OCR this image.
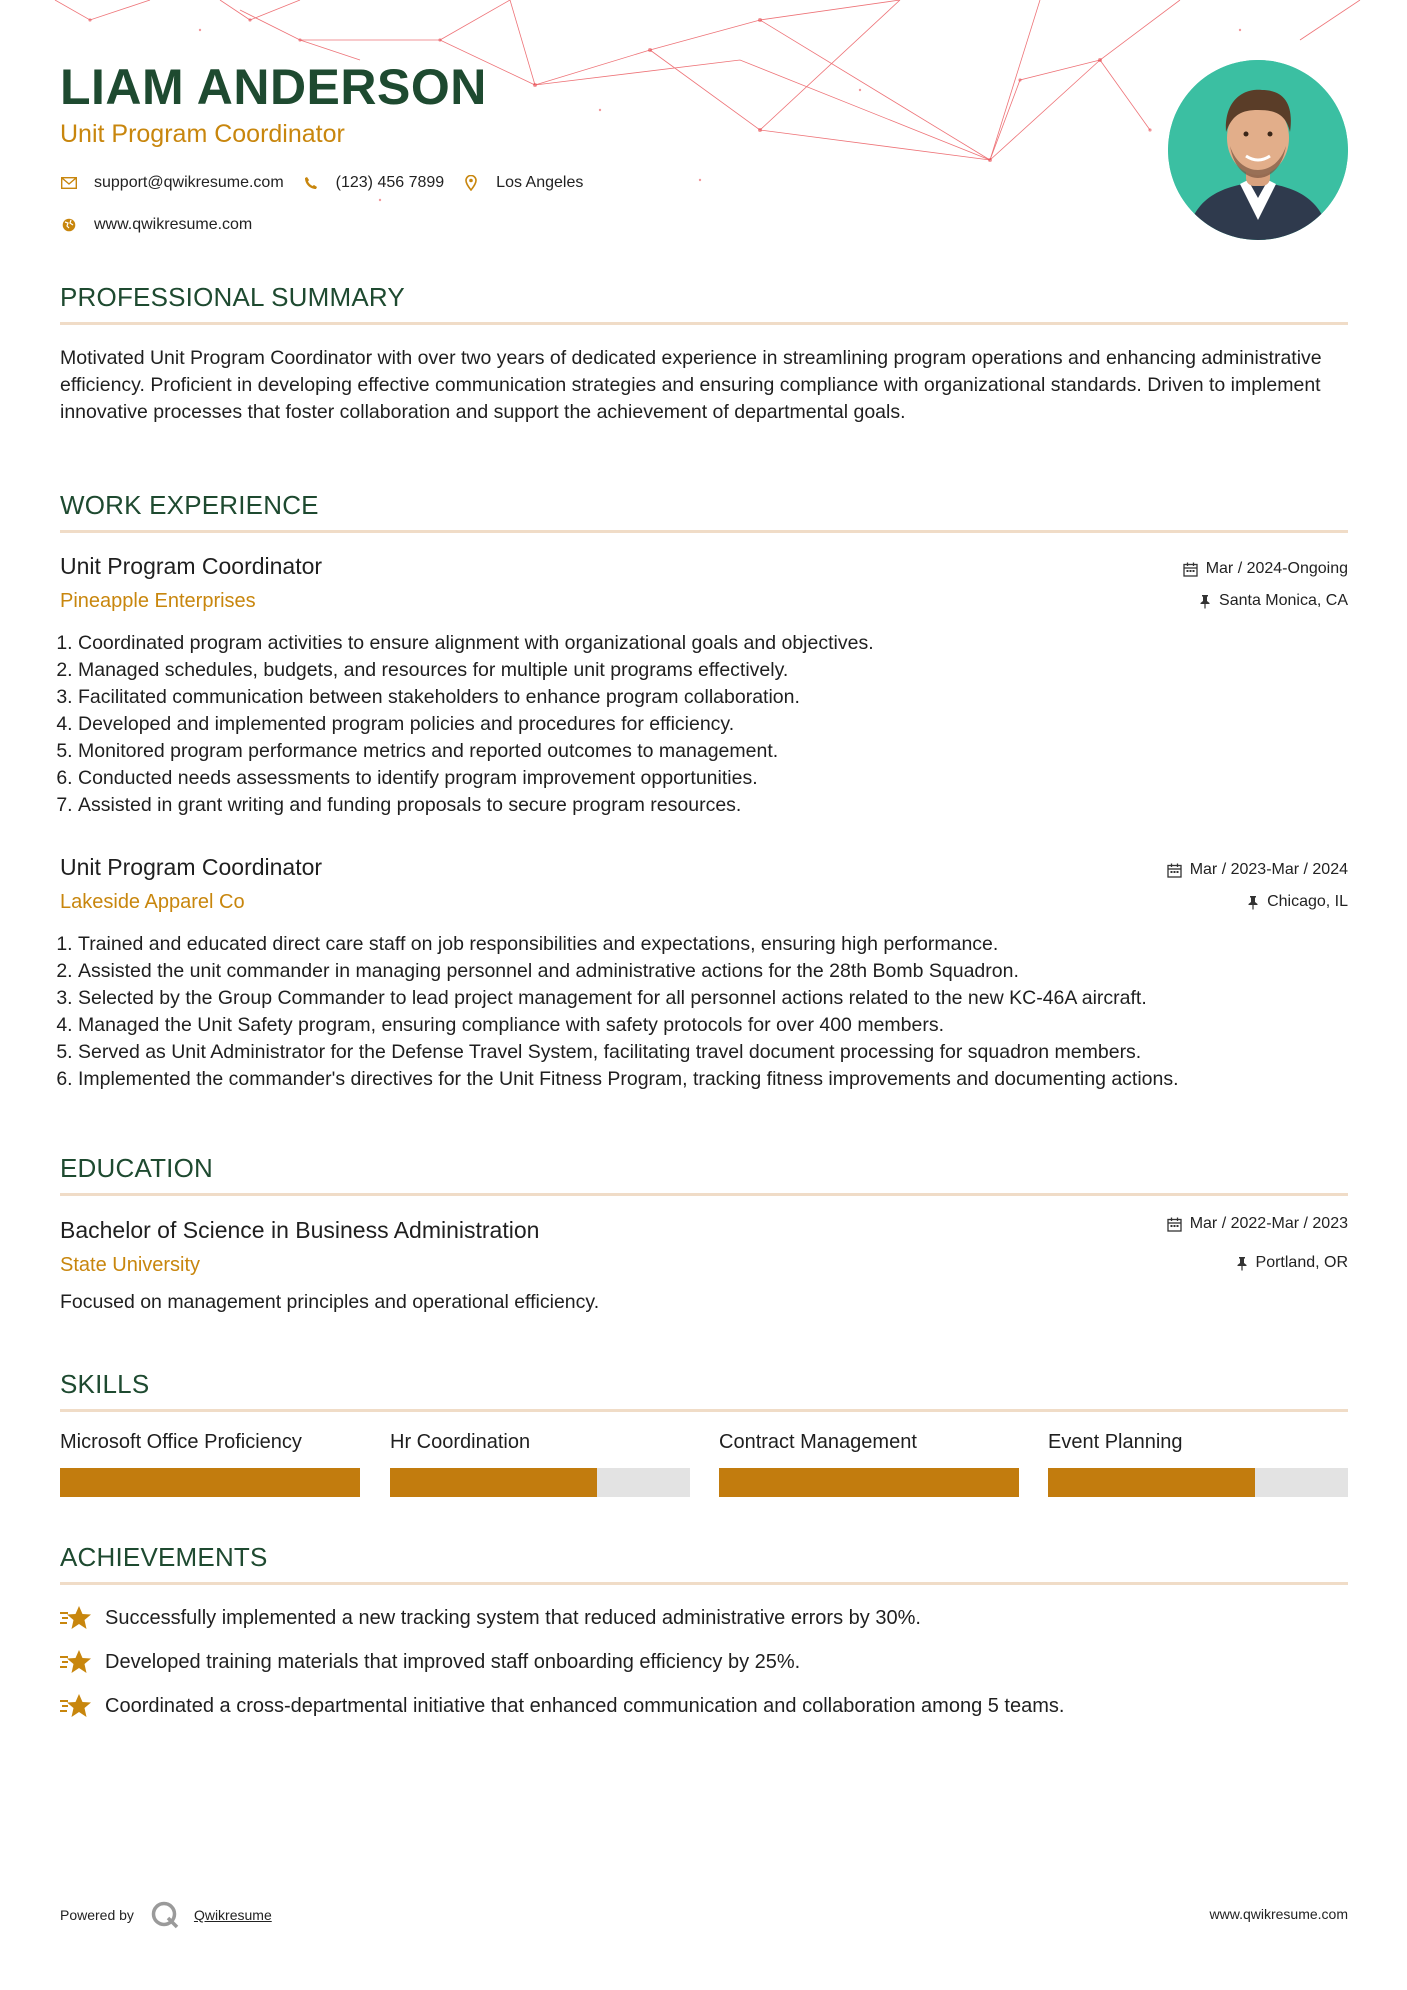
LIAM ANDERSON
Unit Program Coordinator
support@qwikresume.com	(123) 456 7899	Los Angeles
www.qwikresume.com
PROFESSIONAL SUMMARY

Motivated Unit Program Coordinator with over two years of dedicated experience in streamlining program operations and enhancing administrative efficiency. Proficient in developing effective communication strategies and ensuring compliance with organizational standards. Driven to implement innovative processes that foster collaboration and support the achievement of departmental goals.

WORK EXPERIENCE
Unit Program Coordinator
Pineapple Enterprises
Mar / 2024-Ongoing
Santa Monica, CA
1. Coordinated program activities to ensure alignment with organizational goals and objectives.
2. Managed schedules, budgets, and resources for multiple unit programs effectively.
3. Facilitated communication between stakeholders to enhance program collaboration.
4. Developed and implemented program policies and procedures for efficiency.
5. Monitored program performance metrics and reported outcomes to management.
6. Conducted needs assessments to identify program improvement opportunities.
7. Assisted in grant writing and funding proposals to secure program resources.
Unit Program Coordinator
Lakeside Apparel Co
Mar / 2023-Mar / 2024
Chicago, IL
1. Trained and educated direct care staff on job responsibilities and expectations, ensuring high performance.
2. Assisted the unit commander in managing personnel and administrative actions for the 28th Bomb Squadron.
3. Selected by the Group Commander to lead project management for all personnel actions related to the new KC-46A aircraft.
4. Managed the Unit Safety program, ensuring compliance with safety protocols for over 400 members.
5. Served as Unit Administrator for the Defense Travel System, facilitating travel document processing for squadron members.
6. Implemented the commander's directives for the Unit Fitness Program, tracking fitness improvements and documenting actions.
EDUCATION
Bachelor of Science in Business Administration
State University
Mar / 2022-Mar / 2023
Portland, OR

Focused on management principles and operational efficiency.

SKILLS
Microsoft Office Proficiency	Hr Coordination	Contract Management	Event Planning
ACHIEVEMENTS
Successfully implemented a new tracking system that reduced administrative errors by 30%.
Developed training materials that improved staff onboarding efficiency by 25%.
Coordinated a cross-departmental initiative that enhanced communication and collaboration among 5 teams.
Powered by	Qwikresume	www.qwikresume.com
